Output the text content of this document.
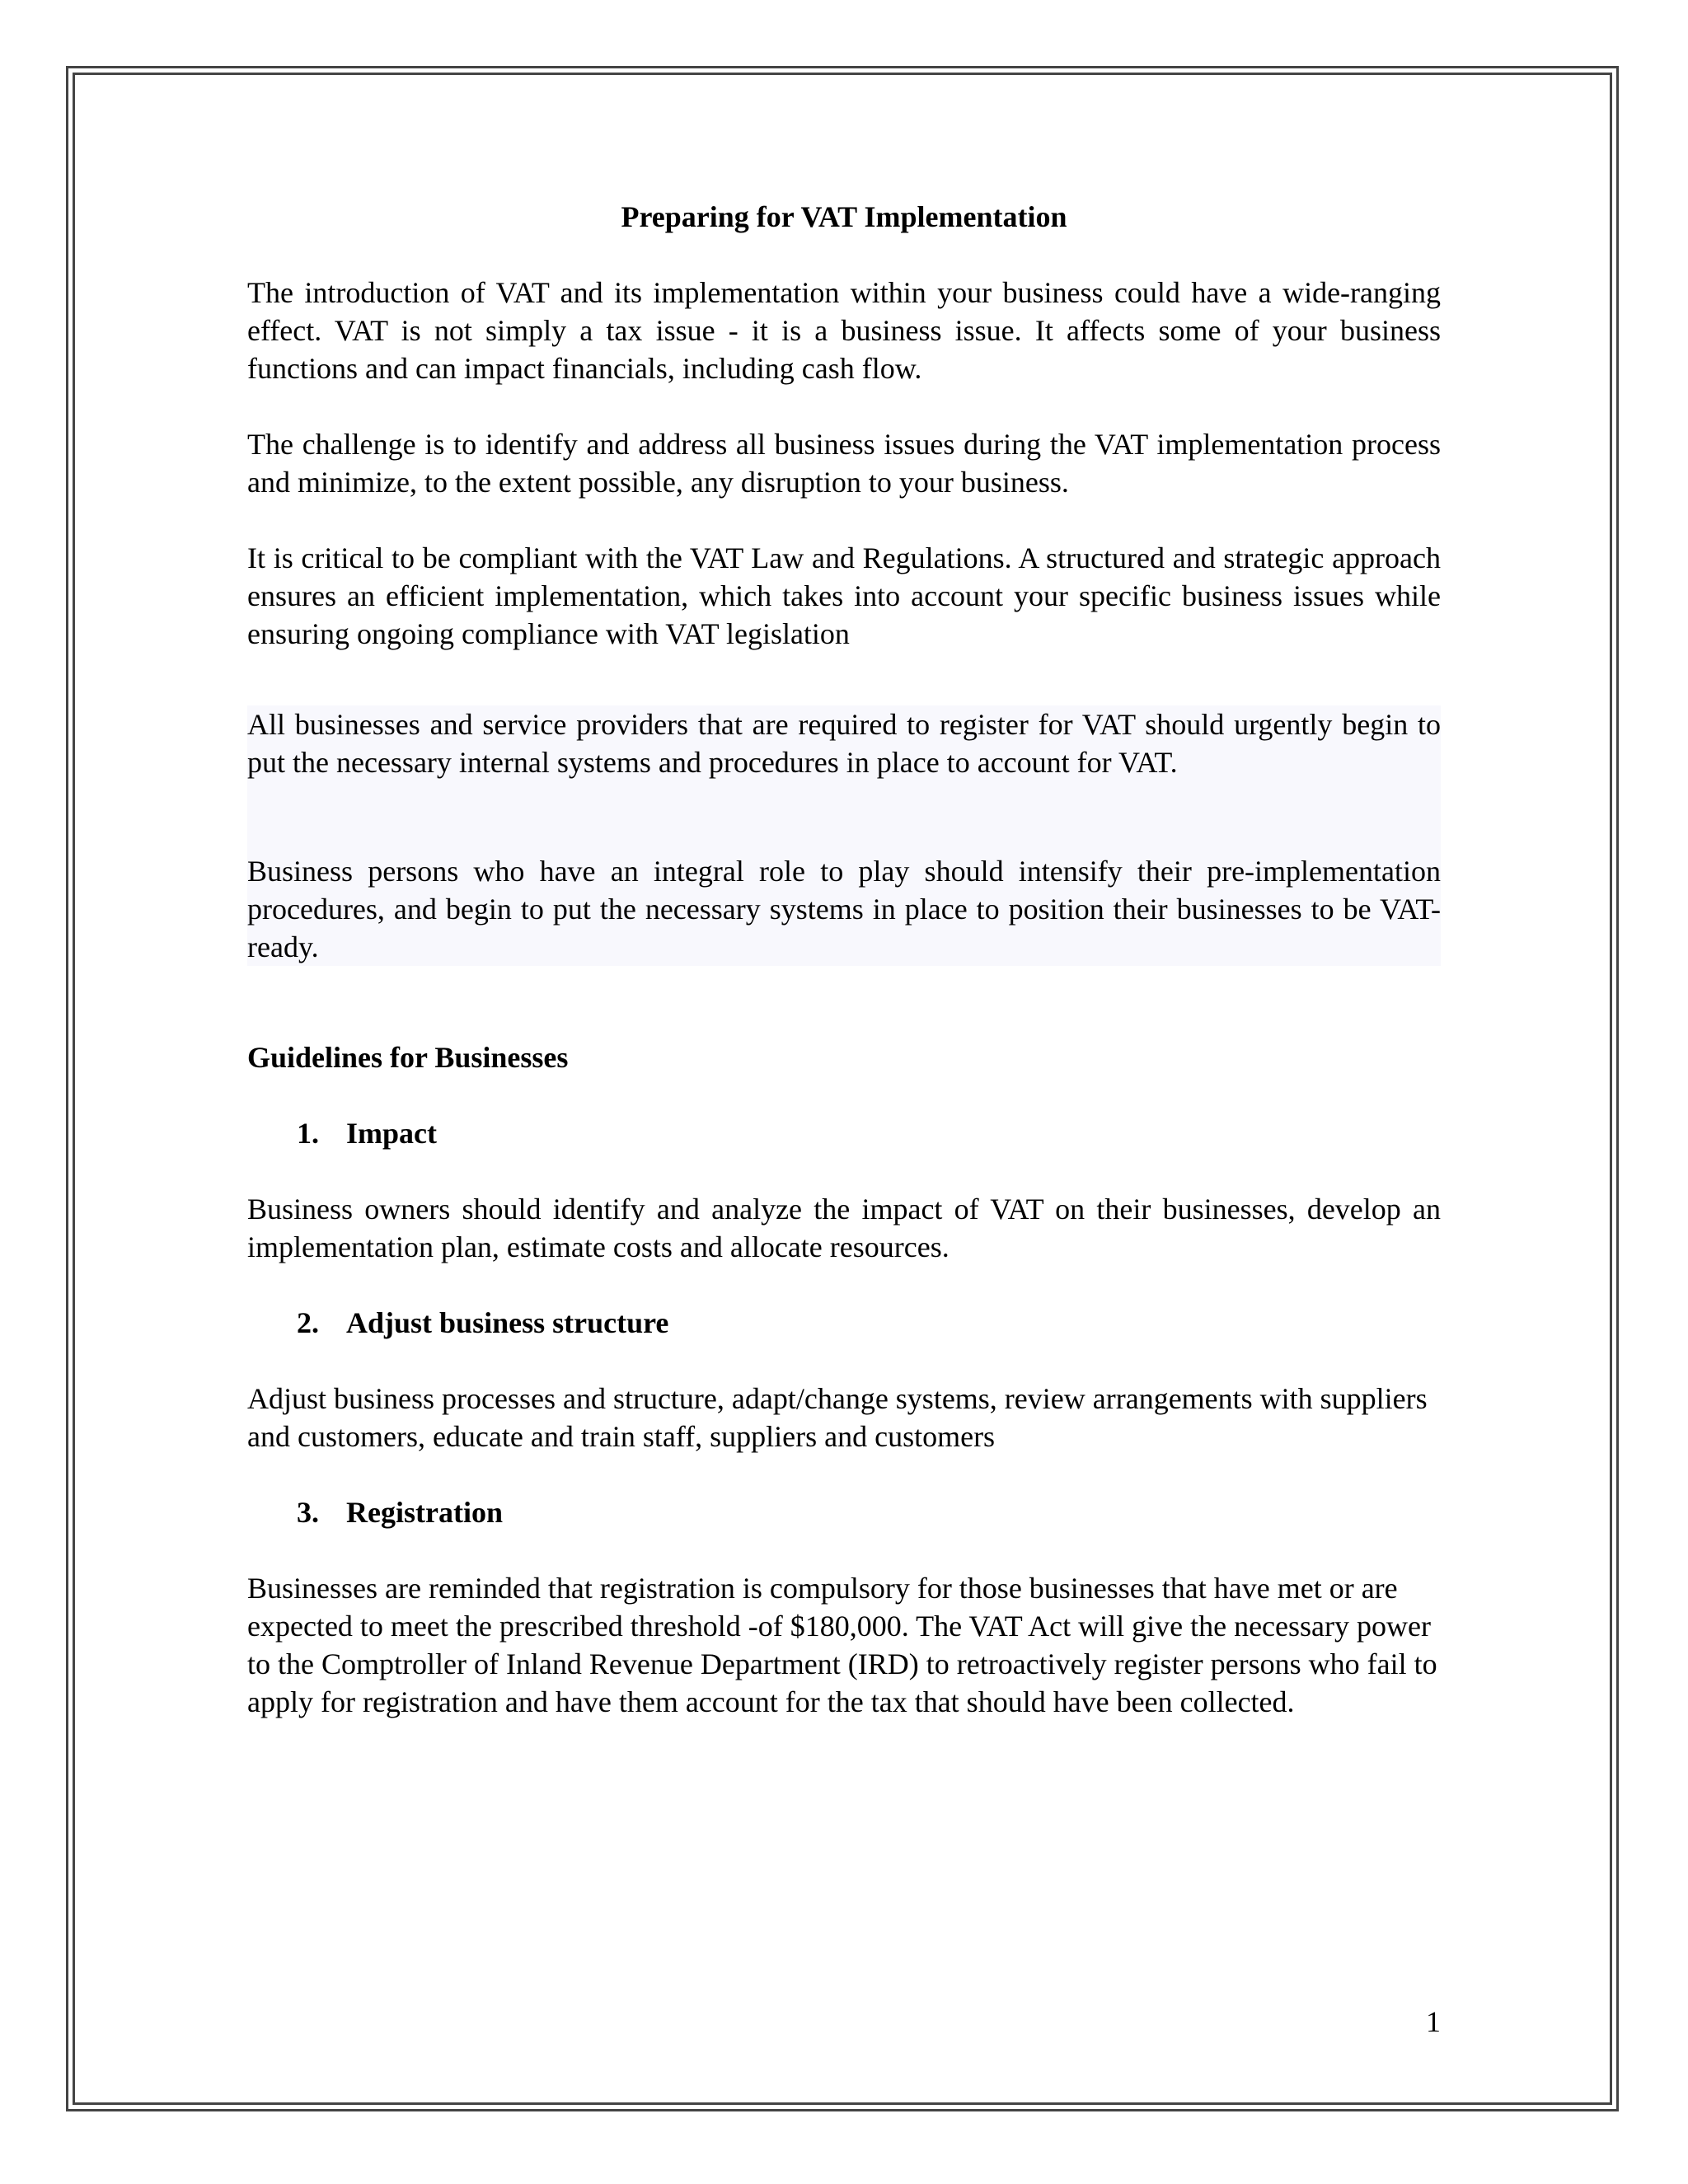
Preparing for VAT Implementation

The introduction of VAT and its implementation within your business could have a wide-ranging effect. VAT is not simply a tax issue - it is a business issue. It affects some of your business functions and can impact financials, including cash flow.

The challenge is to identify and address all business issues during the VAT implementation process and minimize, to the extent possible, any disruption to your business.

It is critical to be compliant with the VAT Law and Regulations. A structured and strategic approach ensures an efficient implementation, which takes into account your specific business issues while ensuring ongoing compliance with VAT legislation

All businesses and service providers that are required to register for VAT should urgently begin to put the necessary internal systems and procedures in place to account for VAT.

Business persons who have an integral role to play should intensify their pre-implementation procedures, and begin to put the necessary systems in place to position their businesses to be VAT-ready.

Guidelines for Businesses
1. Impact

Business owners should identify and analyze the impact of VAT on their businesses, develop an implementation plan, estimate costs and allocate resources.

2. Adjust business structure

Adjust business processes and structure, adapt/change systems, review arrangements with suppliers and customers, educate and train staff, suppliers and customers

3. Registration

Businesses are reminded that registration is compulsory for those businesses that have met or are expected to meet the prescribed threshold -of $180,000. The VAT Act will give the necessary power to the Comptroller of Inland Revenue Department (IRD) to retroactively register persons who fail to apply for registration and have them account for the tax that should have been collected.

1
